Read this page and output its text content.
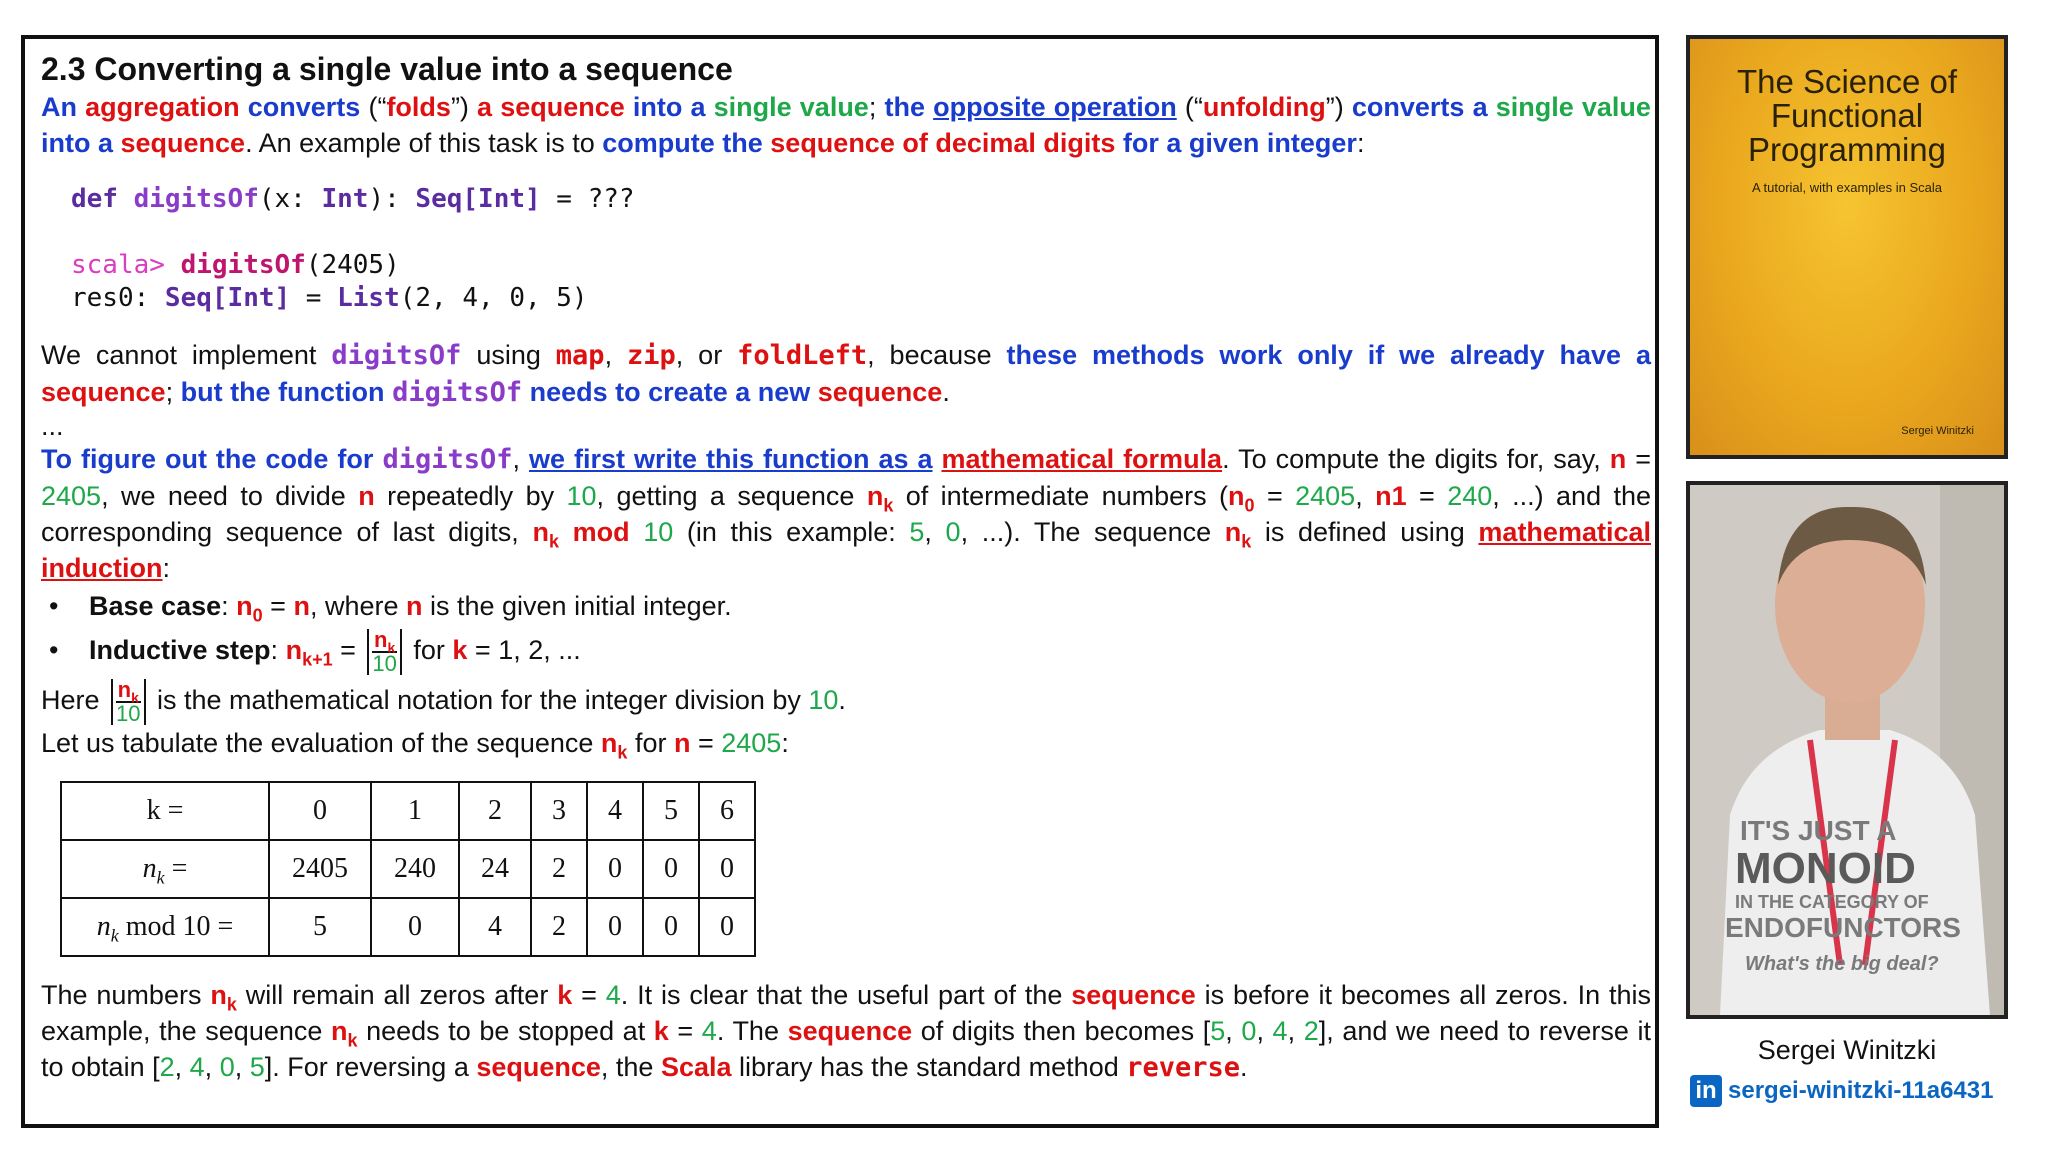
2.3 Converting a single value into a sequence

An aggregation converts (“folds”) a sequence into a single value; the opposite operation (“unfolding”) converts a single value into a sequence. An example of this task is to compute the sequence of decimal digits for a given integer:

def digitsOf(x: Int): Seq[Int] = ???
scala> digitsOf(2405)
res0: Seq[Int] = List(2, 4, 0, 5)

We cannot implement digitsOf using map, zip, or foldLeft, because these methods work only if we already have a sequence; but the function digitsOf needs to create a new sequence.

...

To figure out the code for digitsOf, we first write this function as a mathematical formula. To compute the digits for, say, n = 2405, we need to divide n repeatedly by 10, getting a sequence $n_k$ of intermediate numbers ($n_0 = 2405$, n1 = 240, ...) and the corresponding sequence of last digits, $n_k$ mod 10 (in this example: 5, 0, ...). The sequence $n_k$ is defined using mathematical induction:

• Base case: $n_0 = n$, where n is the given initial integer.
• Inductive step: $n_{k+1} = \frac{n_k}{10}$ for k = 1, 2, ...

Here $\frac{n_k}{10}$ is the mathematical notation for the integer division by 10.

Let us tabulate the evaluation of the sequence $n_k$ for n = 2405:

k =	0	1	2	3	4	5	6
$n_k$ =	2405	240	24	2	0	0	0
$n_k$ mod 10 =	5	0	4	2	0	0	0

The numbers $n_k$ will remain all zeros after k = 4. It is clear that the useful part of the sequence is before it becomes all zeros. In this example, the sequence $n_k$ needs to be stopped at k = 4. The sequence of digits then becomes [5, 0, 4, 2], and we need to reverse it to obtain [2, 4, 0, 5]. For reversing a sequence, the Scala library has the standard method reverse.

The Science of
Functional
Programming
A tutorial, with examples in Scala
Sergei Winitzki
IT'S JUST A
MONOID
IN THE CATEGORY OF
ENDOFUNCTORS
What's the big deal?
Sergei Winitzki
in sergei-winitzki-11a6431
